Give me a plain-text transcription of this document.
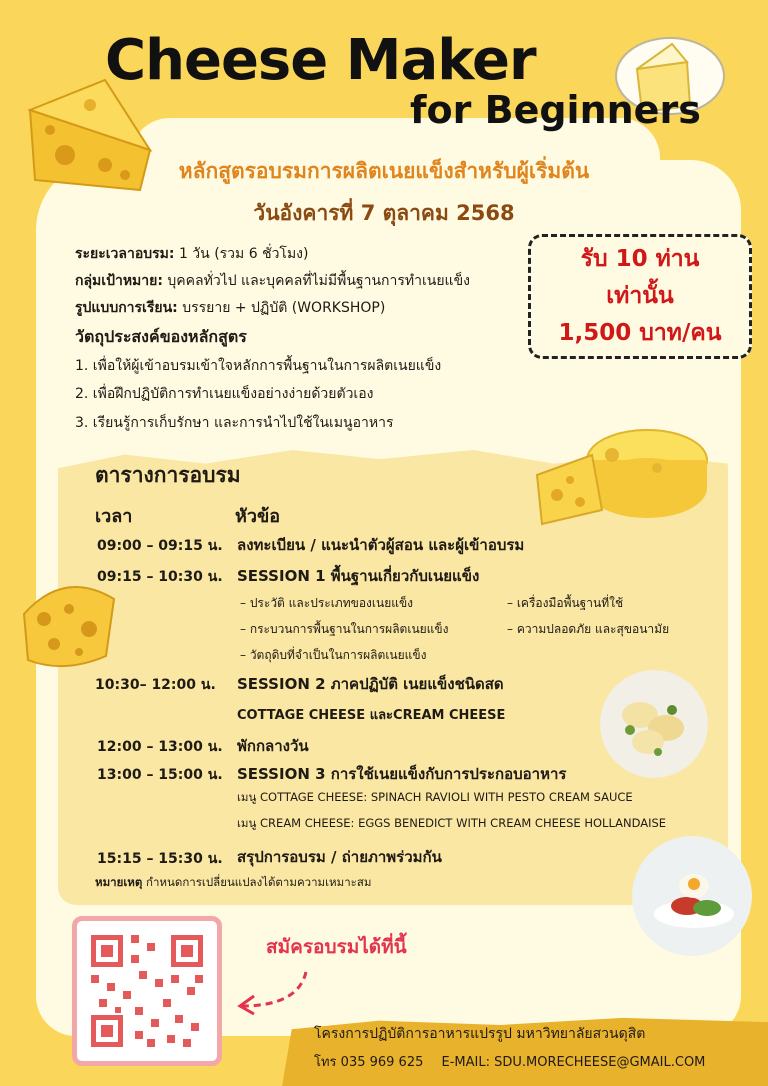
Cheese Maker
for Beginners
หลักสูตรอบรมการผลิตเนยแข็งสำหรับผู้เริ่มต้น
วันอังคารที่ 7 ตุลาคม 2568
ระยะเวลาอบรม: 1 วัน (รวม 6 ชั่วโมง)
กลุ่มเป้าหมาย: บุคคลทั่วไป และบุคคลที่ไม่มีพื้นฐานการทำเนยแข็ง
รูปแบบการเรียน: บรรยาย + ปฏิบัติ (WORKSHOP)
วัตถุประสงค์ของหลักสูตร
1. เพื่อให้ผู้เข้าอบรมเข้าใจหลักการพื้นฐานในการผลิตเนยแข็ง
2. เพื่อฝึกปฏิบัติการทำเนยแข็งอย่างง่ายด้วยตัวเอง
3. เรียนรู้การเก็บรักษา และการนำไปใช้ในเมนูอาหาร
รับ 10 ท่าน
เท่านั้น
1,500 บาท/คน
ตารางการอบรม
เวลา	หัวข้อ
09:00 – 09:15 น. ลงทะเบียน / แนะนำตัวผู้สอน และผู้เข้าอบรม
09:15 – 10:30 น. SESSION 1 พื้นฐานเกี่ยวกับเนยแข็ง
– ประวัติ และประเภทของเนยแข็ง
– กระบวนการพื้นฐานในการผลิตเนยแข็ง
– วัตถุดิบที่จำเป็นในการผลิตเนยแข็ง
– เครื่องมือพื้นฐานที่ใช้
– ความปลอดภัย และสุขอนามัย
10:30– 12:00 น. SESSION 2 ภาคปฏิบัติ เนยแข็งชนิดสด
COTTAGE CHEESE และCREAM CHEESE
12:00 – 13:00 น. พักกลางวัน
13:00 – 15:00 น. SESSION 3 การใช้เนยแข็งกับการประกอบอาหาร
เมนู COTTAGE CHEESE: SPINACH RAVIOLI WITH PESTO CREAM SAUCE
เมนู CREAM CHEESE: EGGS BENEDICT WITH CREAM CHEESE HOLLANDAISE
15:15 – 15:30 น. สรุปการอบรม / ถ่ายภาพร่วมกัน
หมายเหตุ กำหนดการเปลี่ยนแปลงได้ตามความเหมาะสม
สมัครอบรมได้ที่นี้
โครงการปฏิบัติการอาหารแปรรูป มหาวิทยาลัยสวนดุสิต
โทร 035 969 625 E-MAIL: SDU.MORECHEESE@GMAIL.COM
